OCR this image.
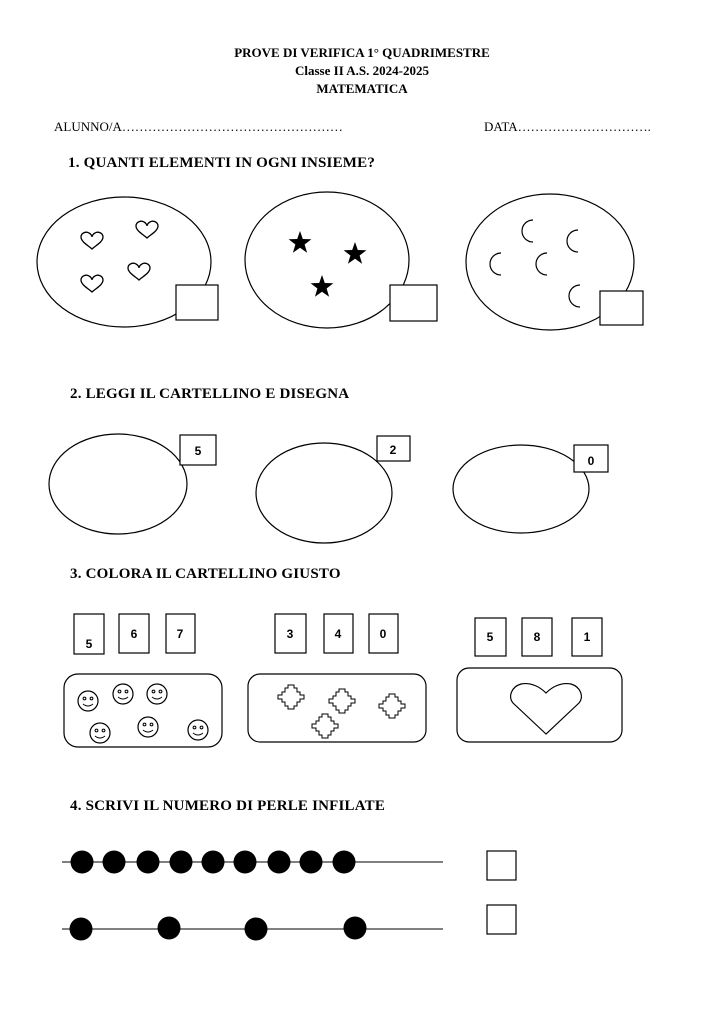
PROVE DI VERIFICA 1° QUADRIMESTRE
Classe II A.S. 2024-2025
MATEMATICA
ALUNNO/A……………………………………………	DATA………………………….
1. QUANTI ELEMENTI IN OGNI INSIEME?
2. LEGGI IL CARTELLINO E DISEGNA
3. COLORA IL CARTELLINO GIUSTO
4. SCRIVI IL NUMERO DI PERLE INFILATE
5	2
0
5
6	7	3	4	0	5	8	1
